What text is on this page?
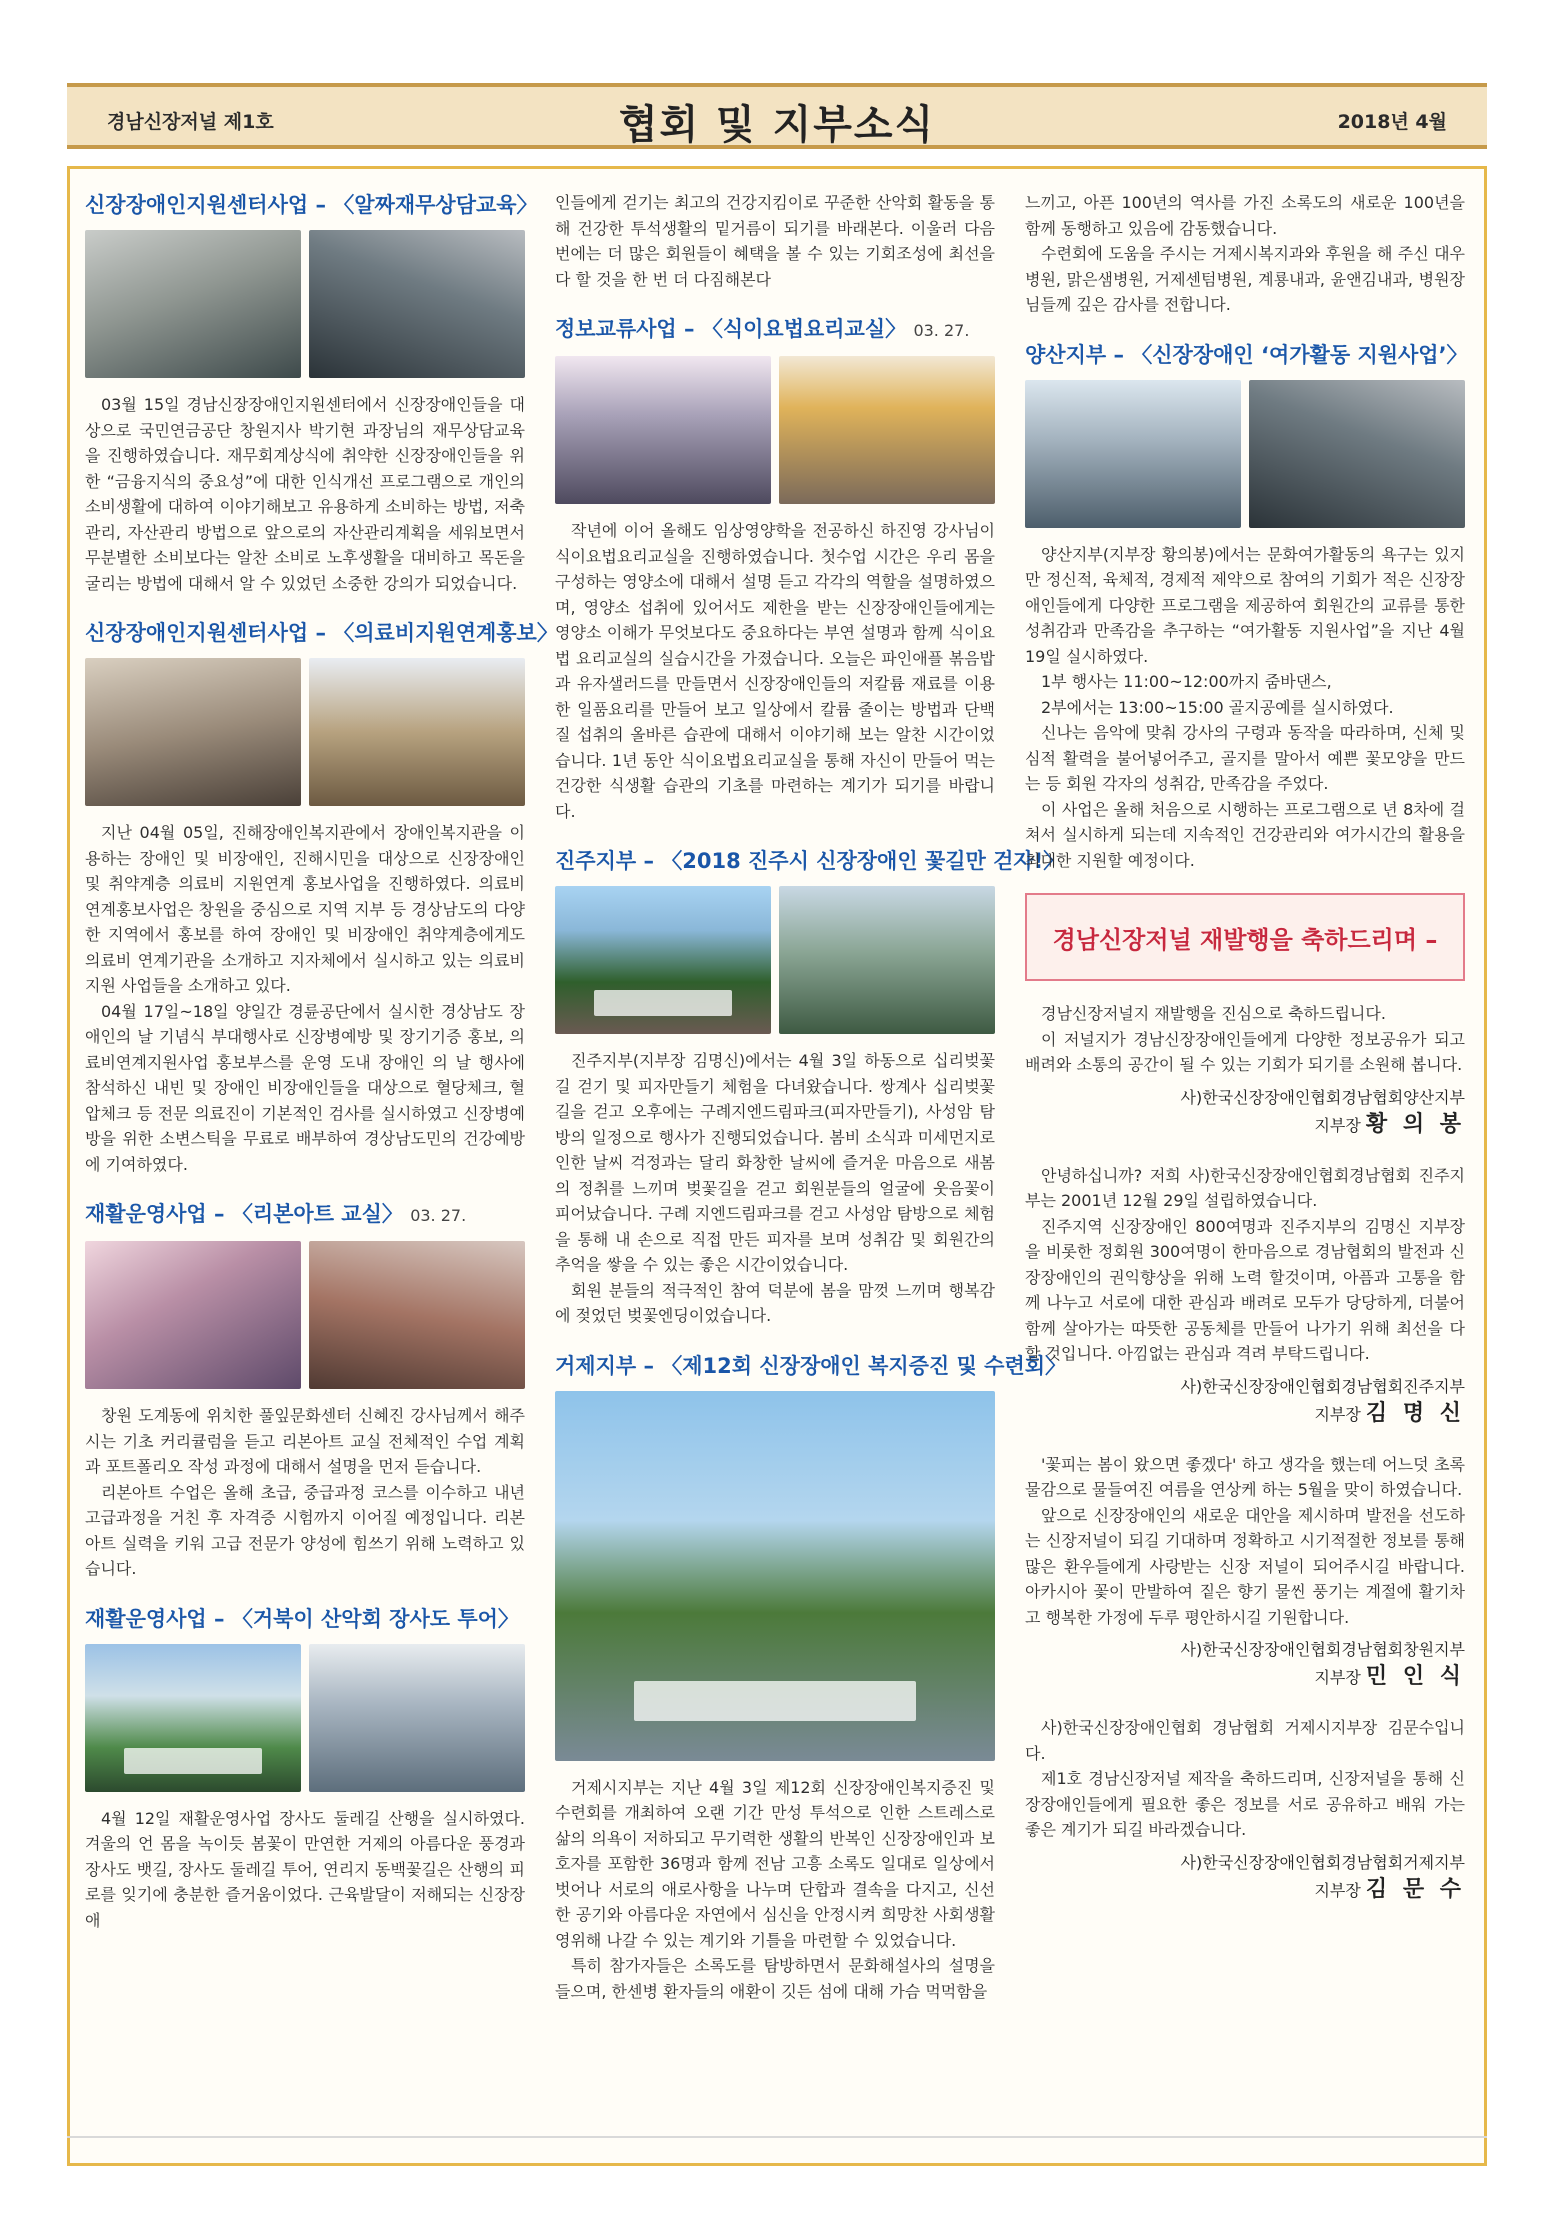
경남신장저널 제1호	협회 및 지부소식	2018년 4월
신장장애인지원센터사업 – 〈알짜재무상담교육〉

03월 15일 경남신장장애인지원센터에서 신장장애인들을 대상으로 국민연금공단 창원지사 박기현 과장님의 재무상담교육을 진행하였습니다. 재무회계상식에 취약한 신장장애인들을 위한 “금융지식의 중요성”에 대한 인식개선 프로그램으로 개인의 소비생활에 대하여 이야기해보고 유용하게 소비하는 방법, 저축관리, 자산관리 방법으로 앞으로의 자산관리계획을 세워보면서 무분별한 소비보다는 알찬 소비로 노후생활을 대비하고 목돈을 굴리는 방법에 대해서 알 수 있었던 소중한 강의가 되었습니다.

신장장애인지원센터사업 – 〈의료비지원연계홍보〉

지난 04월 05일, 진해장애인복지관에서 장애인복지관을 이용하는 장애인 및 비장애인, 진해시민을 대상으로 신장장애인 및 취약계층 의료비 지원연계 홍보사업을 진행하였다. 의료비 연계홍보사업은 창원을 중심으로 지역 지부 등 경상남도의 다양한 지역에서 홍보를 하여 장애인 및 비장애인 취약계층에게도 의료비 연계기관을 소개하고 지자체에서 실시하고 있는 의료비지원 사업들을 소개하고 있다.

04월 17일~18일 양일간 경륜공단에서 실시한 경상남도 장애인의 날 기념식 부대행사로 신장병예방 및 장기기증 홍보, 의료비연계지원사업 홍보부스를 운영 도내 장애인 의 날 행사에 참석하신 내빈 및 장애인 비장애인들을 대상으로 혈당체크, 혈압체크 등 전문 의료진이 기본적인 검사를 실시하였고 신장병예방을 위한 소변스틱을 무료로 배부하여 경상남도민의 건강예방에 기여하였다.

재활운영사업 – 〈리본아트 교실〉 03. 27.

창원 도계동에 위치한 풀잎문화센터 신혜진 강사님께서 해주시는 기초 커리큘럼을 듣고 리본아트 교실 전체적인 수업 계획과 포트폴리오 작성 과정에 대해서 설명을 먼저 듣습니다.

리본아트 수업은 올해 초급, 중급과정 코스를 이수하고 내년 고급과정을 거친 후 자격증 시험까지 이어질 예정입니다. 리본아트 실력을 키워 고급 전문가 양성에 힘쓰기 위해 노력하고 있습니다.

재활운영사업 – 〈거북이 산악회 장사도 투어〉

4월 12일 재활운영사업 장사도 둘레길 산행을 실시하였다. 겨울의 언 몸을 녹이듯 봄꽃이 만연한 거제의 아름다운 풍경과 장사도 뱃길, 장사도 둘레길 투어, 연리지 동백꽃길은 산행의 피로를 잊기에 충분한 즐거움이었다. 근육발달이 저해되는 신장장애

인들에게 걷기는 최고의 건강지킴이로 꾸준한 산악회 활동을 통해 건강한 투석생활의 밑거름이 되기를 바래본다. 이울러 다음번에는 더 많은 회원들이 혜택을 볼 수 있는 기회조성에 최선을 다 할 것을 한 번 더 다짐해본다

정보교류사업 – 〈식이요법요리교실〉 03. 27.

작년에 이어 올해도 임상영양학을 전공하신 하진영 강사님이 식이요법요리교실을 진행하였습니다. 첫수업 시간은 우리 몸을 구성하는 영양소에 대해서 설명 듣고 각각의 역할을 설명하였으며, 영양소 섭취에 있어서도 제한을 받는 신장장애인들에게는 영양소 이해가 무엇보다도 중요하다는 부연 설명과 함께 식이요법 요리교실의 실습시간을 가졌습니다. 오늘은 파인애플 볶음밥과 유자샐러드를 만들면서 신장장애인들의 저칼륨 재료를 이용한 일품요리를 만들어 보고 일상에서 칼륨 줄이는 방법과 단백질 섭취의 올바른 습관에 대해서 이야기해 보는 알찬 시간이었습니다. 1년 동안 식이요법요리교실을 통해 자신이 만들어 먹는 건강한 식생활 습관의 기초를 마련하는 계기가 되기를 바랍니다.

진주지부 – 〈2018 진주시 신장장애인 꽃길만 걷자!〉

진주지부(지부장 김명신)에서는 4월 3일 하동으로 십리벚꽃길 걷기 및 피자만들기 체험을 다녀왔습니다. 쌍계사 십리벚꽃길을 걷고 오후에는 구례지엔드림파크(피자만들기), 사성암 탐방의 일정으로 행사가 진행되었습니다. 봄비 소식과 미세먼지로 인한 날씨 걱정과는 달리 화창한 날씨에 즐거운 마음으로 새봄의 정취를 느끼며 벚꽃길을 걷고 회원분들의 얼굴에 웃음꽃이 피어났습니다. 구례 지엔드림파크를 걷고 사성암 탐방으로 체험을 통해 내 손으로 직접 만든 피자를 보며 성취감 및 회원간의 추억을 쌓을 수 있는 좋은 시간이었습니다.

회원 분들의 적극적인 참여 덕분에 봄을 맘껏 느끼며 행복감에 젖었던 벚꽃엔딩이었습니다.

거제지부 – 〈제12회 신장장애인 복지증진 및 수련회〉

거제시지부는 지난 4월 3일 제12회 신장장애인복지증진 및 수련회를 개최하여 오랜 기간 만성 투석으로 인한 스트레스로 삶의 의욕이 저하되고 무기력한 생활의 반복인 신장장애인과 보호자를 포함한 36명과 함께 전남 고흥 소록도 일대로 일상에서 벗어나 서로의 애로사항을 나누며 단합과 결속을 다지고, 신선한 공기와 아름다운 자연에서 심신을 안정시켜 희망찬 사회생활 영위해 나갈 수 있는 계기와 기틀을 마련할 수 있었습니다.

특히 참가자들은 소록도를 탐방하면서 문화해설사의 설명을 들으며, 한센병 환자들의 애환이 깃든 섬에 대해 가슴 먹먹함을

느끼고, 아픈 100년의 역사를 가진 소록도의 새로운 100년을 함께 동행하고 있음에 감동했습니다.

수련회에 도움을 주시는 거제시복지과와 후원을 해 주신 대우병원, 맑은샘병원, 거제센텀병원, 계룡내과, 윤앤김내과, 병원장님들께 깊은 감사를 전합니다.

양산지부 – 〈신장장애인 ‘여가활동 지원사업’〉

양산지부(지부장 황의봉)에서는 문화여가활동의 욕구는 있지만 정신적, 육체적, 경제적 제약으로 참여의 기회가 적은 신장장애인들에게 다양한 프로그램을 제공하여 회원간의 교류를 통한 성취감과 만족감을 추구하는 “여가활동 지원사업”을 지난 4월 19일 실시하였다.

1부 행사는 11:00~12:00까지 줌바댄스,

2부에서는 13:00~15:00 골지공예를 실시하였다.

신나는 음악에 맞춰 강사의 구령과 동작을 따라하며, 신체 및 심적 활력을 불어넣어주고, 골지를 말아서 예쁜 꽃모양을 만드는 등 회원 각자의 성취감, 만족감을 주었다.

이 사업은 올해 처음으로 시행하는 프로그램으로 년 8차에 걸쳐서 실시하게 되는데 지속적인 건강관리와 여가시간의 활용을 최대한 지원할 예정이다.

경남신장저널 재발행을 축하드리며 –

경남신장저널지 재발행을 진심으로 축하드립니다.

이 저널지가 경남신장장애인들에게 다양한 정보공유가 되고 배려와 소통의 공간이 될 수 있는 기회가 되기를 소원해 봅니다.

사)한국신장장애인협회경남협회양산지부
지부장 황 의 봉

안녕하십니까? 저희 사)한국신장장애인협회경남협회 진주지부는 2001년 12월 29일 설립하였습니다.

진주지역 신장장애인 800여명과 진주지부의 김명신 지부장을 비롯한 정회원 300여명이 한마음으로 경남협회의 발전과 신장장애인의 권익향상을 위해 노력 할것이며, 아픔과 고통을 함께 나누고 서로에 대한 관심과 배려로 모두가 당당하게, 더불어 함께 살아가는 따뜻한 공동체를 만들어 나가기 위해 최선을 다 할 것입니다. 아낌없는 관심과 격려 부탁드립니다.

사)한국신장장애인협회경남협회진주지부
지부장 김 명 신

'꽃피는 봄이 왔으면 좋겠다' 하고 생각을 했는데 어느덧 초록 물감으로 물들여진 여름을 연상케 하는 5월을 맞이 하였습니다.

앞으로 신장장애인의 새로운 대안을 제시하며 발전을 선도하는 신장저널이 되길 기대하며 정확하고 시기적절한 정보를 통해 많은 환우들에게 사랑받는 신장 저널이 되어주시길 바랍니다. 아카시아 꽃이 만발하여 짙은 향기 물씬 풍기는 계절에 활기차고 행복한 가정에 두루 평안하시길 기원합니다.

사)한국신장장애인협회경남협회창원지부
지부장 민 인 식

사)한국신장장애인협회 경남협회 거제시지부장 김문수입니다.

제1호 경남신장저널 제작을 축하드리며, 신장저널을 통해 신장장애인들에게 필요한 좋은 정보를 서로 공유하고 배워 가는 좋은 계기가 되길 바라겠습니다.

사)한국신장장애인협회경남협회거제지부
지부장 김 문 수
